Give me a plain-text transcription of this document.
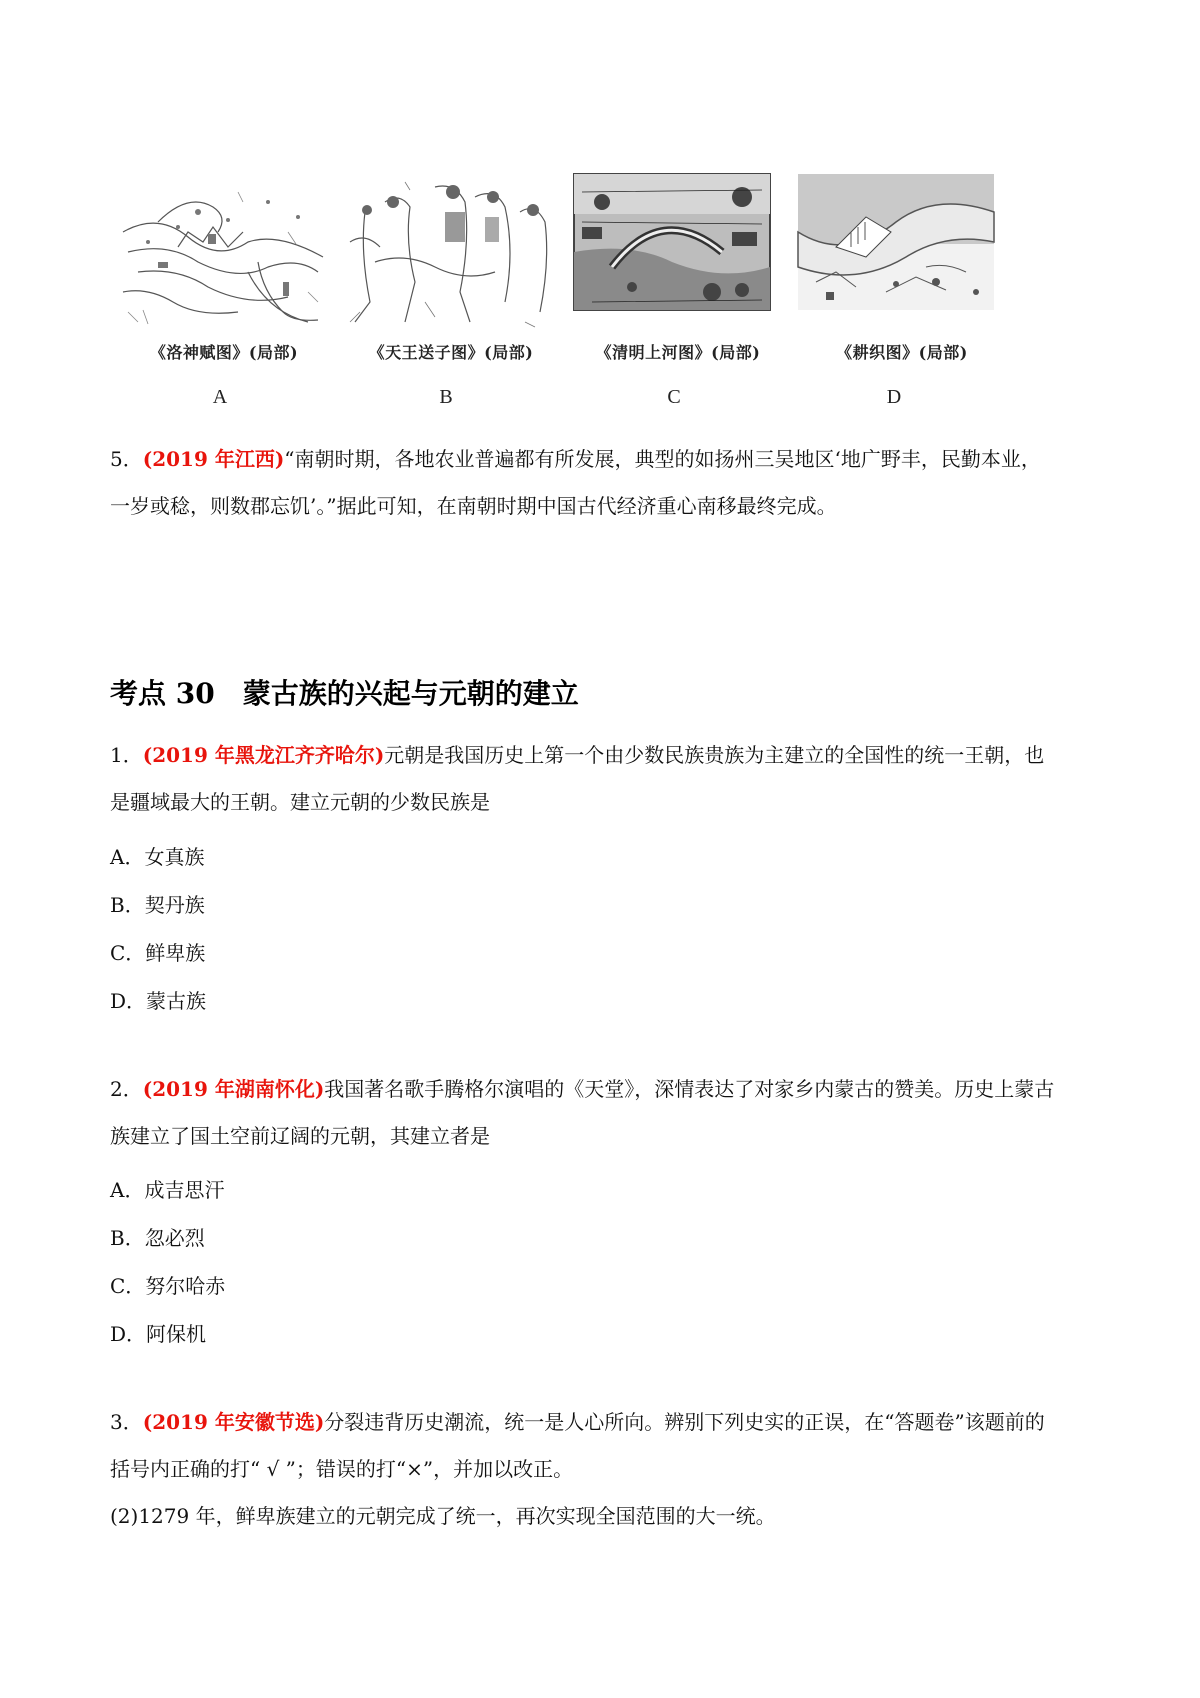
《洛神赋图》(局部)
A
《天王送子图》(局部)
B
《清明上河图》(局部)
C
《耕织图》(局部)
D
5．(2019 年江西)“南朝时期，各地农业普遍都有所发展，典型的如扬州三吴地区‘地广野丰，民勤本业，
一岁或稔，则数郡忘饥’。”据此可知，在南朝时期中国古代经济重心南移最终完成。
考点 30　蒙古族的兴起与元朝的建立
1．(2019 年黑龙江齐齐哈尔)元朝是我国历史上第一个由少数民族贵族为主建立的全国性的统一王朝，也
是疆域最大的王朝。建立元朝的少数民族是
A．女真族
B．契丹族
C．鲜卑族
D．蒙古族
2．(2019 年湖南怀化)我国著名歌手腾格尔演唱的《天堂》，深情表达了对家乡内蒙古的赞美。历史上蒙古
族建立了国土空前辽阔的元朝，其建立者是
A．成吉思汗
B．忽必烈
C．努尔哈赤
D．阿保机
3．(2019 年安徽节选)分裂违背历史潮流，统一是人心所向。辨别下列史实的正误，在“答题卷”该题前的
括号内正确的打“ √ ”；错误的打“×”，并加以改正。
(2)1279 年，鲜卑族建立的元朝完成了统一，再次实现全国范围的大一统。
